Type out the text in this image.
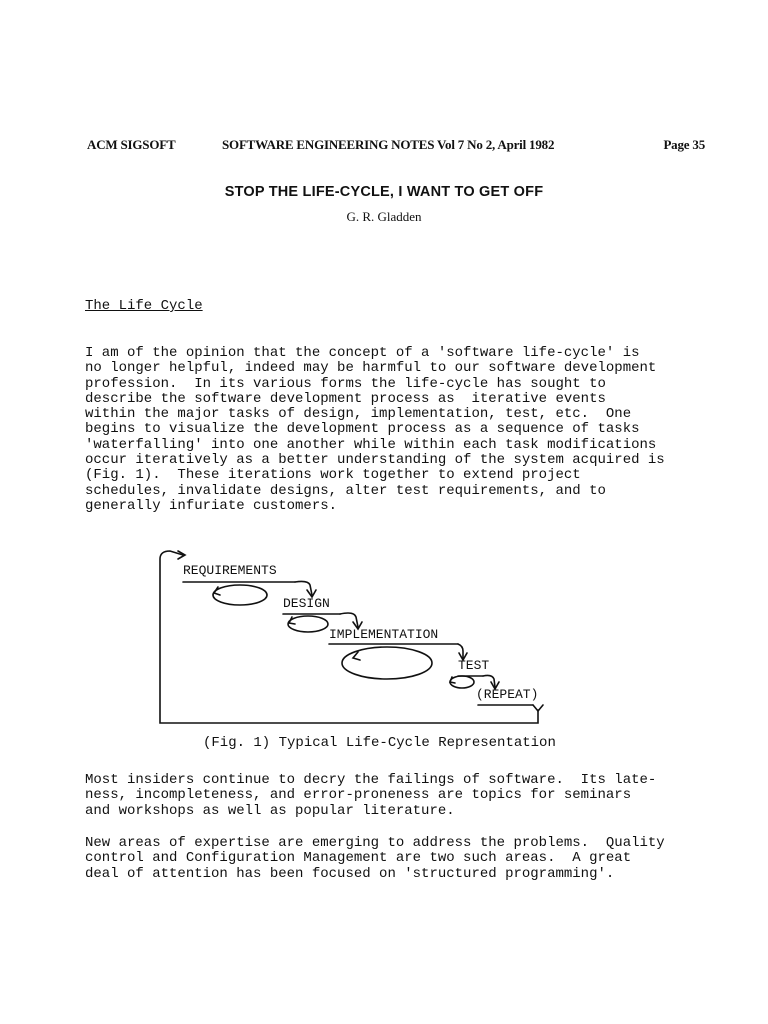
ACM SIGSOFT	SOFTWARE ENGINEERING NOTES Vol 7 No 2, April 1982	Page 35
STOP THE LIFE-CYCLE, I WANT TO GET OFF
G. R. Gladden
The Life Cycle
I am of the opinion that the concept of a 'software life-cycle' is
no longer helpful, indeed may be harmful to our software development
profession.  In its various forms the life-cycle has sought to
describe the software development process as  iterative events
within the major tasks of design, implementation, test, etc.  One
begins to visualize the development process as a sequence of tasks
'waterfalling' into one another while within each task modifications
occur iteratively as a better understanding of the system acquired is
(Fig. 1).  These iterations work together to extend project
schedules, invalidate designs, alter test requirements, and to
generally infuriate customers.
REQUIREMENTS
DESIGN
IMPLEMENTATION
TEST
(REPEAT)
(Fig. 1) Typical Life-Cycle Representation
Most insiders continue to decry the failings of software.  Its late-
ness, incompleteness, and error-proneness are topics for seminars
and workshops as well as popular literature.
New areas of expertise are emerging to address the problems.  Quality
control and Configuration Management are two such areas.  A great
deal of attention has been focused on 'structured programming'.
